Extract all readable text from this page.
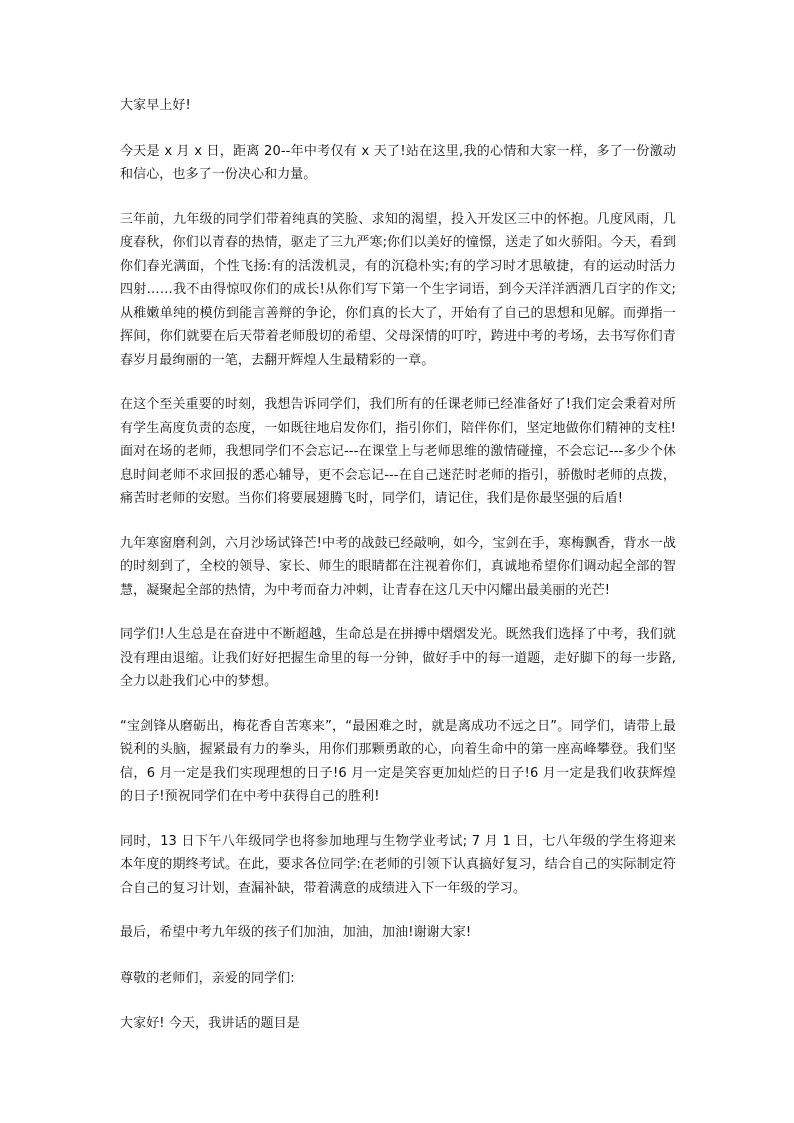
大家早上好!

今天是 x 月 x 日，距离 20--年中考仅有 x 天了!站在这里,我的心情和大家一样，多了一份激动和信心，也多了一份决心和力量。

三年前，九年级的同学们带着纯真的笑脸、求知的渴望，投入开发区三中的怀抱。几度风雨，几度春秋，你们以青春的热情，驱走了三九严寒;你们以美好的憧憬，送走了如火骄阳。今天，看到你们春光满面，个性飞扬:有的活泼机灵，有的沉稳朴实;有的学习时才思敏捷，有的运动时活力四射……我不由得惊叹你们的成长!从你们写下第一个生字词语，到今天洋洋洒洒几百字的作文;从稚嫩单纯的模仿到能言善辩的争论，你们真的长大了，开始有了自己的思想和见解。而弹指一挥间，你们就要在后天带着老师殷切的希望、父母深情的叮咛，跨进中考的考场，去书写你们青春岁月最绚丽的一笔，去翻开辉煌人生最精彩的一章。

在这个至关重要的时刻，我想告诉同学们，我们所有的任课老师已经准备好了!我们定会秉着对所有学生高度负责的态度，一如既往地启发你们，指引你们，陪伴你们，坚定地做你们精神的支柱!面对在场的老师，我想同学们不会忘记---在课堂上与老师思维的激情碰撞，不会忘记---多少个休息时间老师不求回报的悉心辅导，更不会忘记---在自己迷茫时老师的指引，骄傲时老师的点拨，痛苦时老师的安慰。当你们将要展翅腾飞时，同学们，请记住，我们是你最坚强的后盾!

九年寒窗磨利剑，六月沙场试锋芒!中考的战鼓已经敲响，如今，宝剑在手，寒梅飘香，背水一战的时刻到了，全校的领导、家长、师生的眼睛都在注视着你们，真诚地希望你们调动起全部的智慧，凝聚起全部的热情，为中考而奋力冲刺，让青春在这几天中闪耀出最美丽的光芒!

同学们!人生总是在奋进中不断超越，生命总是在拼搏中熠熠发光。既然我们选择了中考，我们就没有理由退缩。让我们好好把握生命里的每一分钟，做好手中的每一道题，走好脚下的每一步路,全力以赴我们心中的梦想。

“宝剑锋从磨砺出，梅花香自苦寒来”，“最困难之时，就是离成功不远之日”。同学们，请带上最锐利的头脑，握紧最有力的拳头，用你们那颗勇敢的心，向着生命中的第一座高峰攀登。我们坚信，6 月一定是我们实现理想的日子!6 月一定是笑容更加灿烂的日子!6 月一定是我们收获辉煌的日子!预祝同学们在中考中获得自己的胜利!

同时，13 日下午八年级同学也将参加地理与生物学业考试; 7 月 1 日，七八年级的学生将迎来本年度的期终考试。在此，要求各位同学:在老师的引领下认真搞好复习，结合自己的实际制定符合自己的复习计划，查漏补缺，带着满意的成绩进入下一年级的学习。

最后，希望中考九年级的孩子们加油，加油，加油!谢谢大家!

尊敬的老师们，亲爱的同学们:

大家好! 今天，我讲话的题目是
